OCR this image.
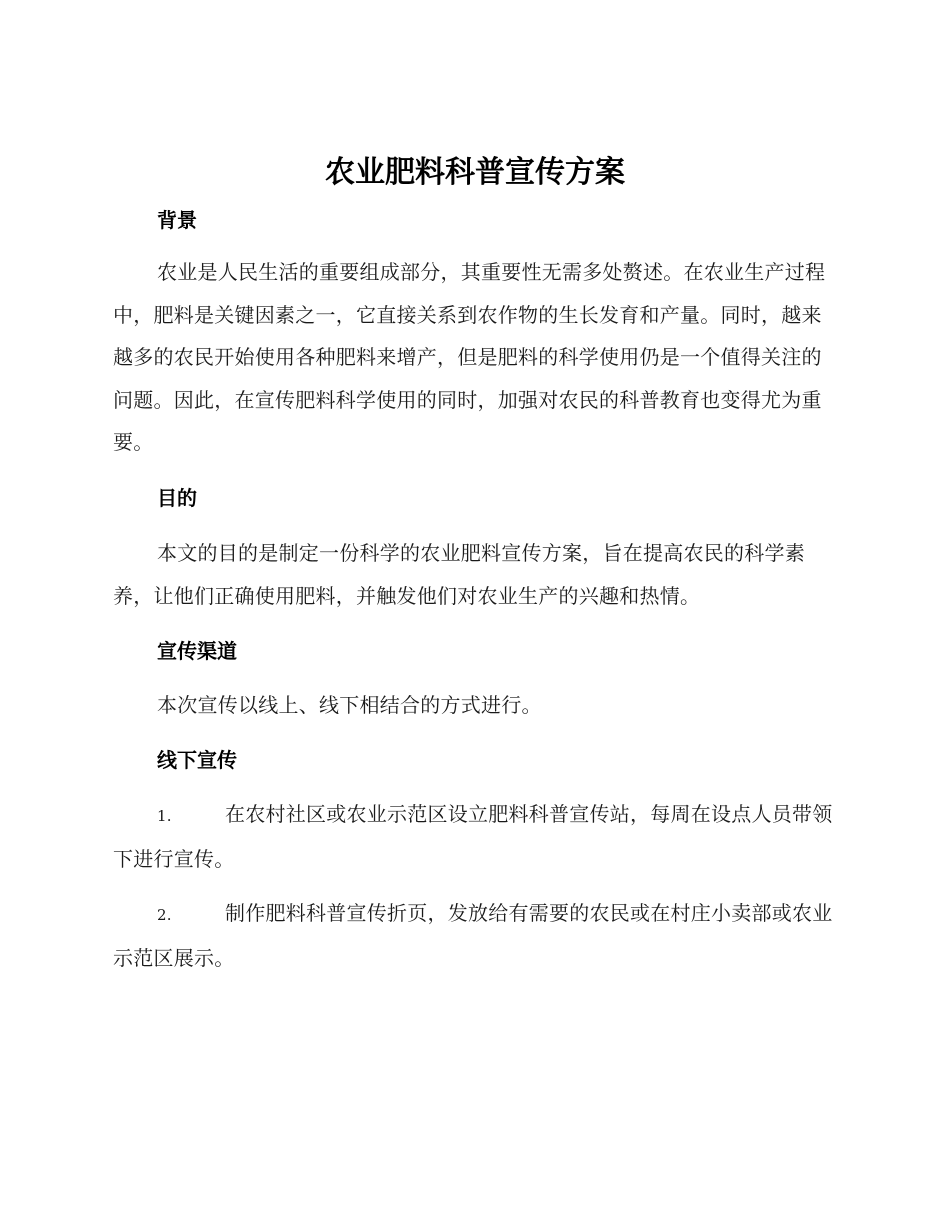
农业肥料科普宣传方案
背景

农业是人民生活的重要组成部分，其重要性无需多处赘述。在农业生产过程中，肥料是关键因素之一，它直接关系到农作物的生长发育和产量。同时，越来越多的农民开始使用各种肥料来增产，但是肥料的科学使用仍是一个值得关注的问题。因此，在宣传肥料科学使用的同时，加强对农民的科普教育也变得尤为重要。

目的

本文的目的是制定一份科学的农业肥料宣传方案，旨在提高农民的科学素养，让他们正确使用肥料，并触发他们对农业生产的兴趣和热情。

宣传渠道

本次宣传以线上、线下相结合的方式进行。

线下宣传

1.	在农村社区或农业示范区设立肥料科普宣传站，每周在设点人员带领下进行宣传。

2.	制作肥料科普宣传折页，发放给有需要的农民或在村庄小卖部或农业示范区展示。
